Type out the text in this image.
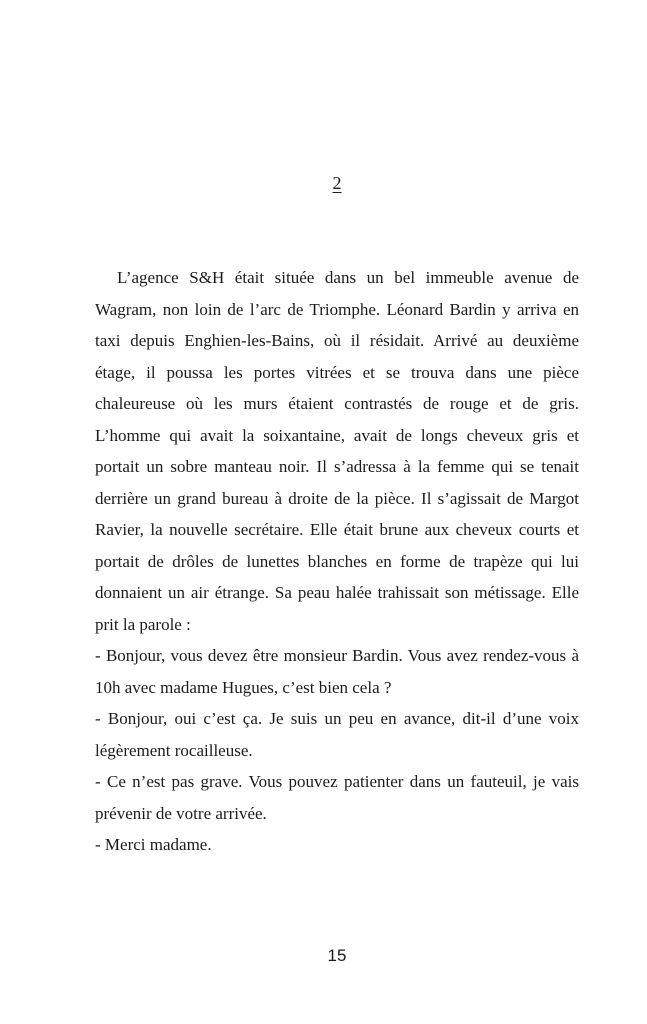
2

L’agence S&H était située dans un bel immeuble avenue de Wagram, non loin de l’arc de Triomphe. Léonard Bardin y arriva en taxi depuis Enghien-les-Bains, où il résidait. Arrivé au deuxième étage, il poussa les portes vitrées et se trouva dans une pièce chaleureuse où les murs étaient contrastés de rouge et de gris. L’homme qui avait la soixantaine, avait de longs cheveux gris et portait un sobre manteau noir. Il s’adressa à la femme qui se tenait derrière un grand bureau à droite de la pièce. Il s’agissait de Margot Ravier, la nouvelle secrétaire. Elle était brune aux cheveux courts et portait de drôles de lunettes blanches en forme de trapèze qui lui donnaient un air étrange. Sa peau halée trahissait son métissage. Elle prit la parole :

- Bonjour, vous devez être monsieur Bardin. Vous avez rendez-vous à 10h avec madame Hugues, c’est bien cela ?

- Bonjour, oui c’est ça. Je suis un peu en avance, dit-il d’une voix légèrement rocailleuse.

- Ce n’est pas grave. Vous pouvez patienter dans un fauteuil, je vais prévenir de votre arrivée.

- Merci madame.

15
